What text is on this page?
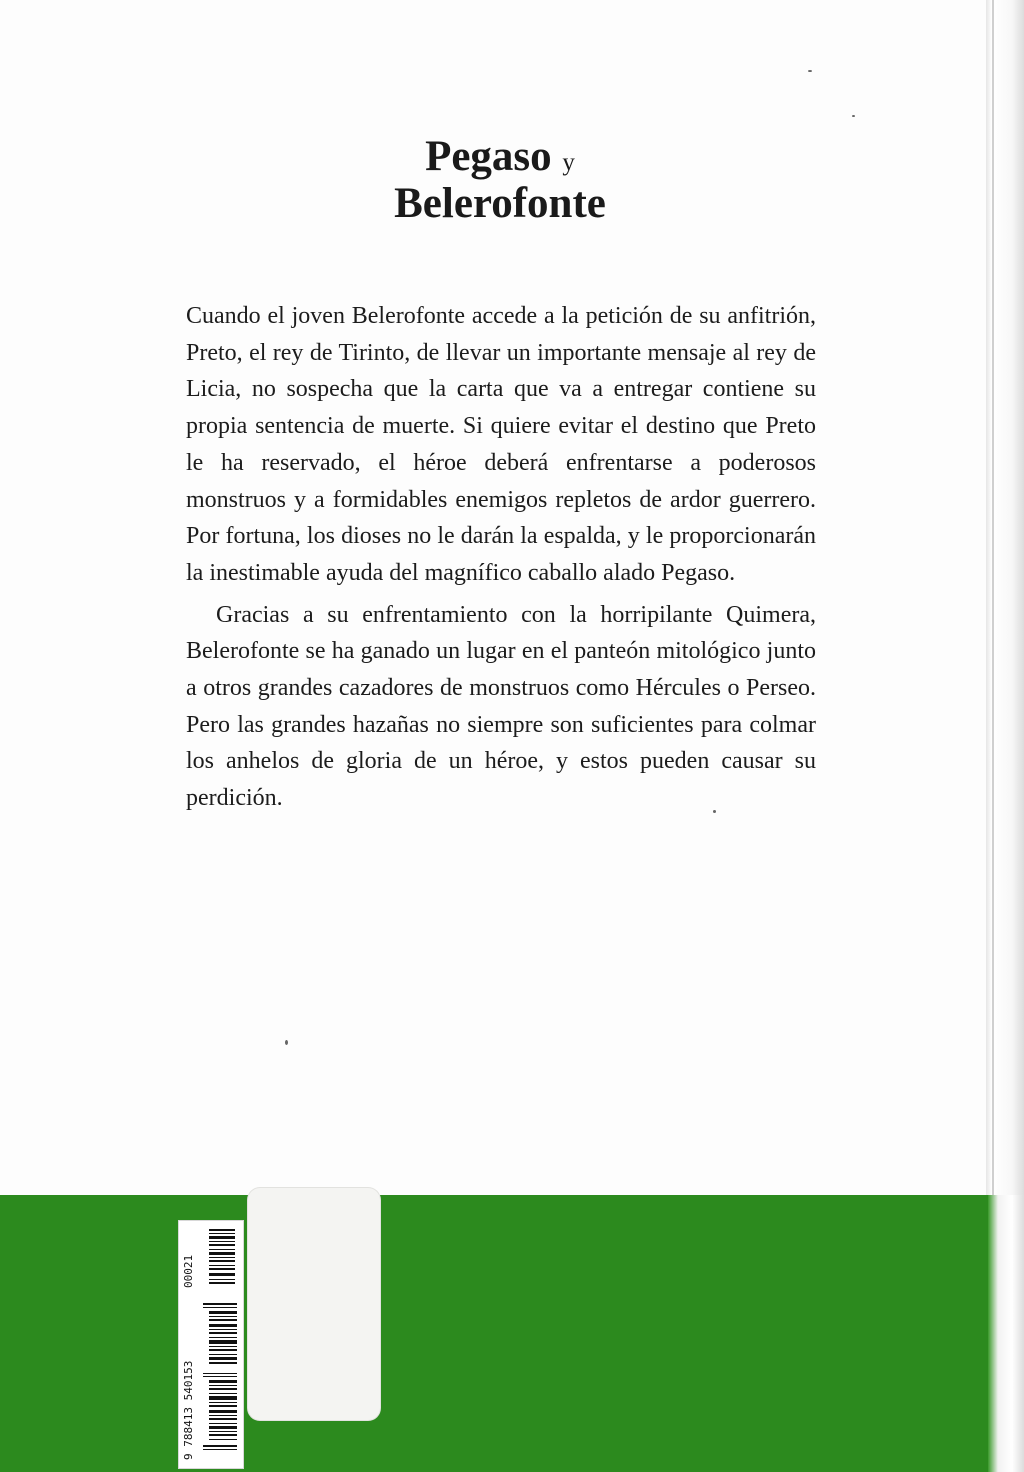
Pegaso y
Belerofonte

Cuando el joven Belerofonte accede a la petición de su anfitrión, Preto, el rey de Tirinto, de llevar un importante mensaje al rey de Licia, no sospecha que la carta que va a entregar contiene su propia sentencia de muerte. Si quiere evitar el destino que Preto le ha reservado, el héroe deberá enfrentarse a poderosos monstruos y a formidables enemigos repletos de ardor guerrero. Por fortuna, los dioses no le darán la espalda, y le proporcionarán la inestimable ayuda del magnífico caballo alado Pegaso.

Gracias a su enfrentamiento con la horripilante Quimera, Belerofonte se ha ganado un lugar en el panteón mitológico junto a otros grandes cazadores de monstruos como Hércules o Perseo. Pero las grandes hazañas no siempre son suficientes para colmar los anhelos de gloria de un héroe, y estos pueden causar su perdición.

9 788413 540153
00021
